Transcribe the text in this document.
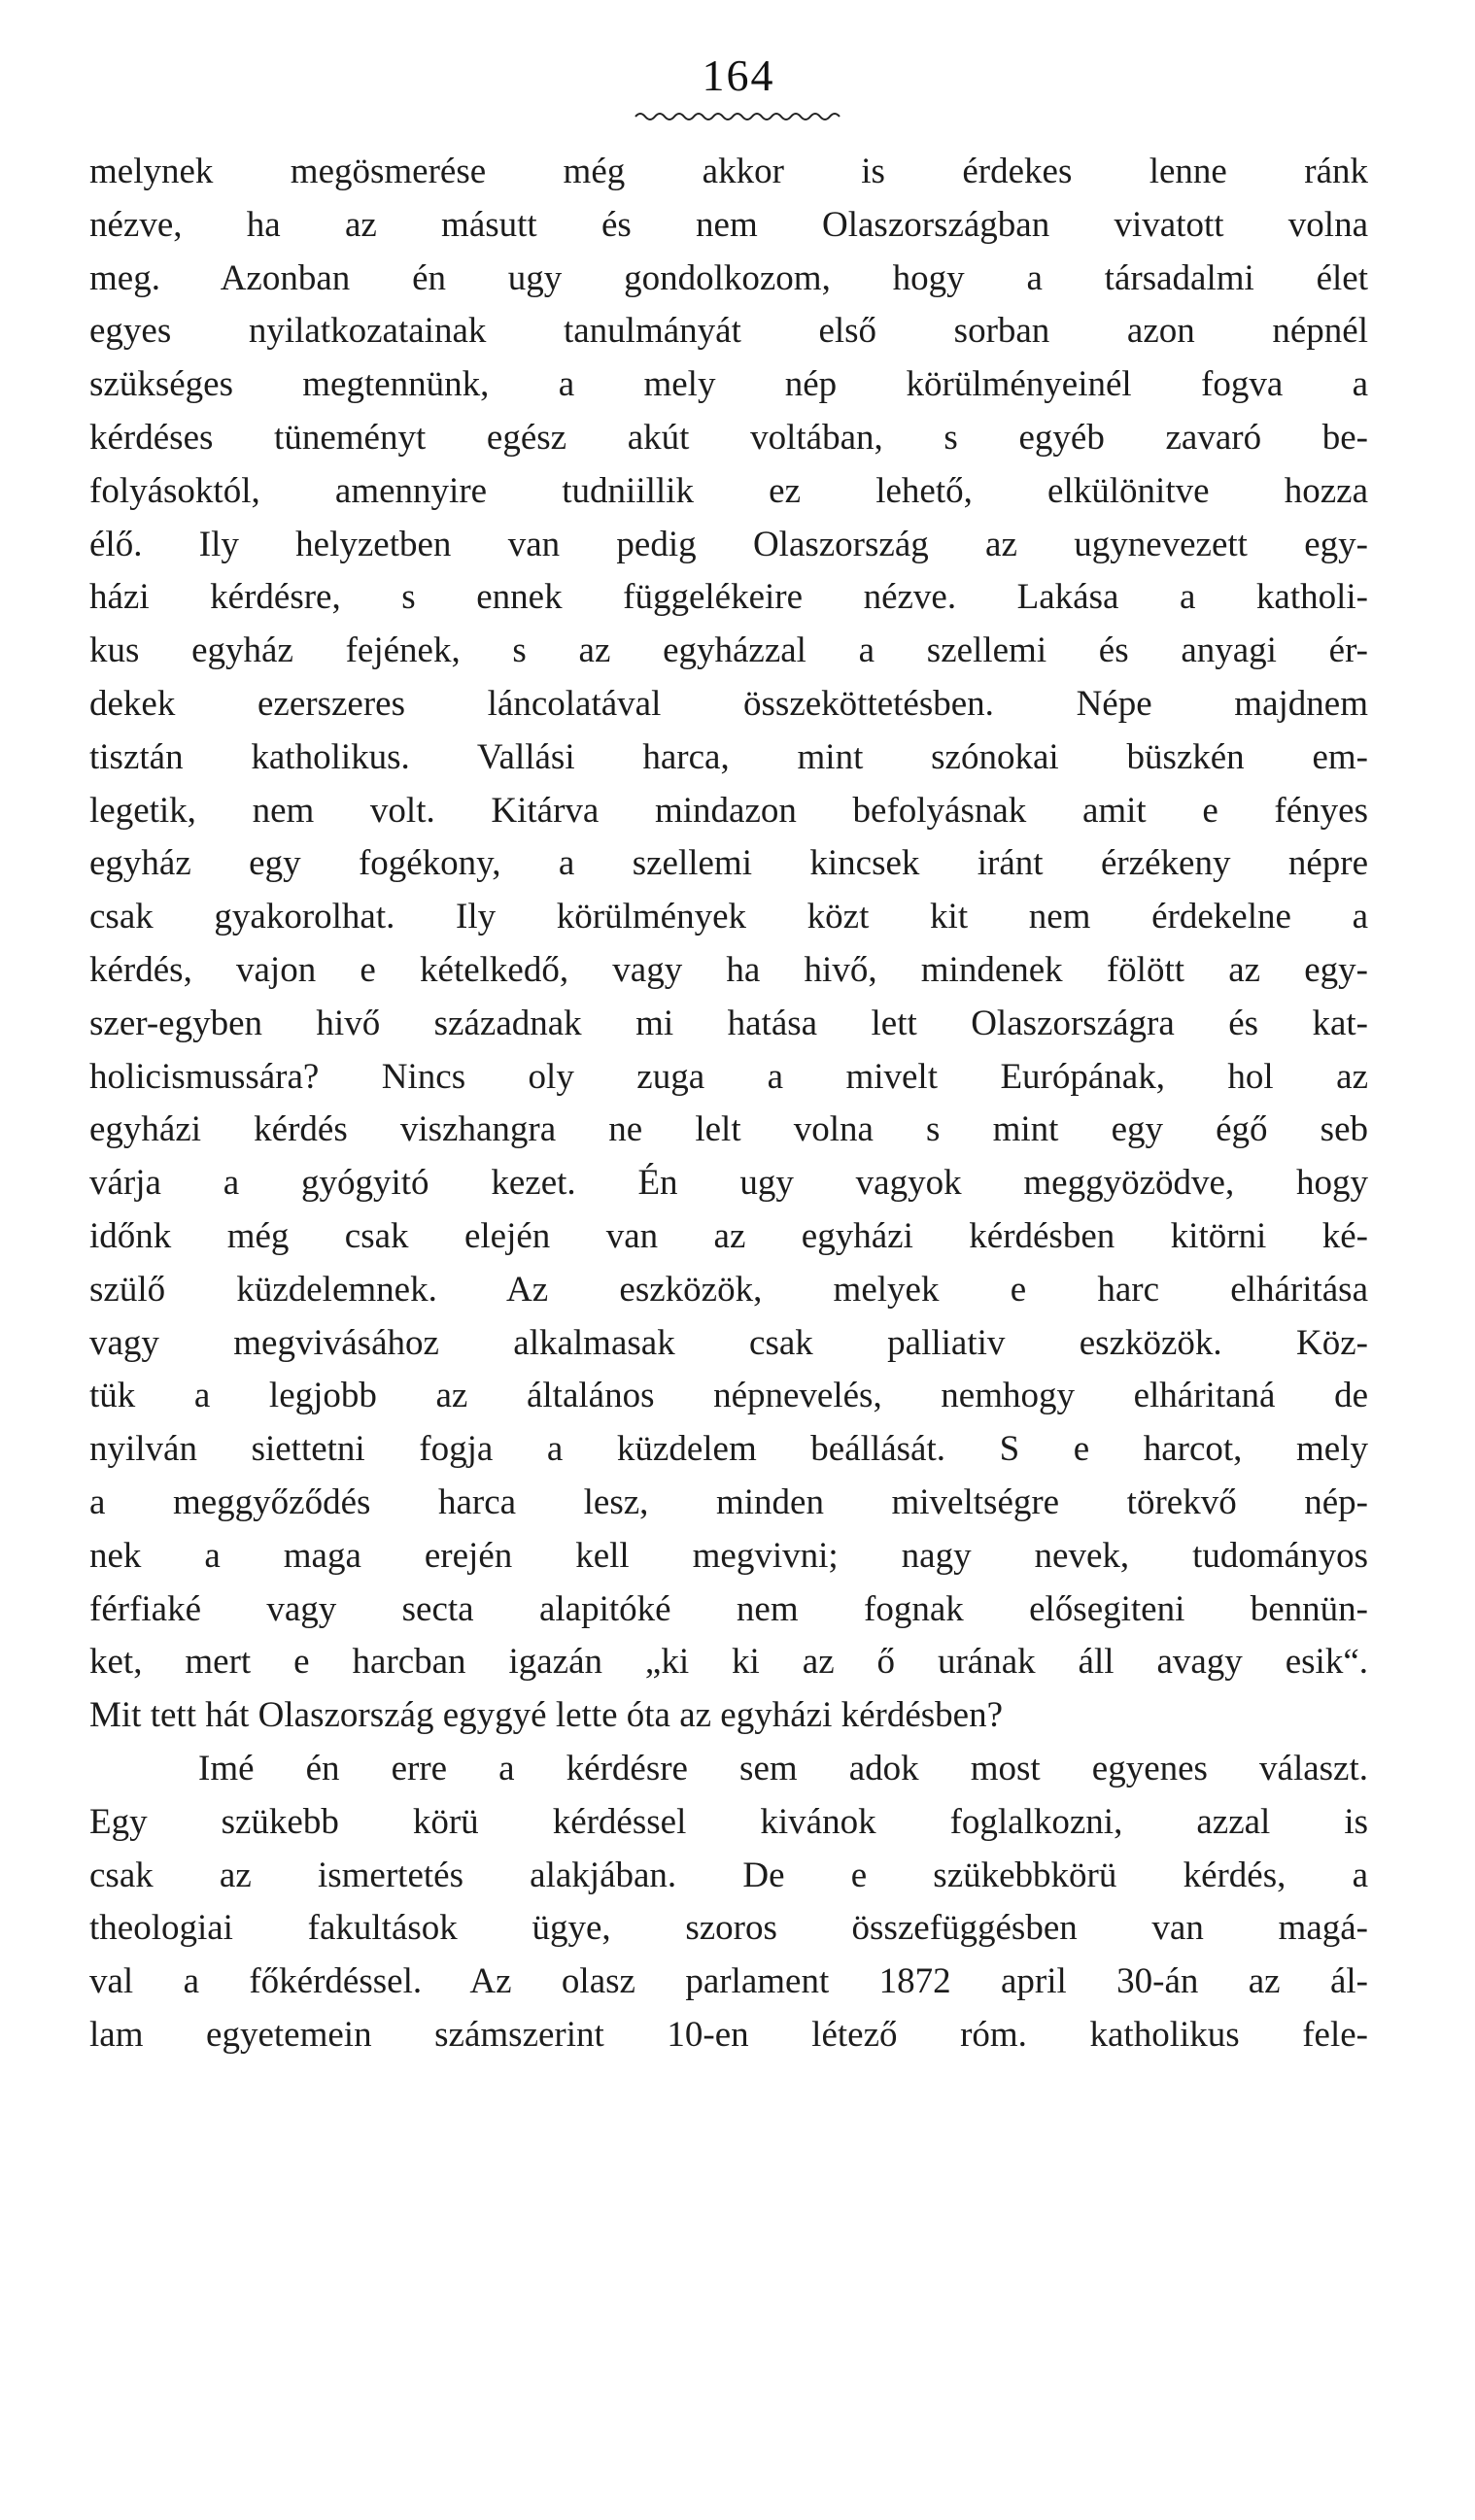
164
melynek megösmerése még akkor is érdekes lenne ránk
nézve, ha az másutt és nem Olaszországban vivatott volna
meg. Azonban én ugy gondolkozom, hogy a társadalmi élet
egyes nyilatkozatainak tanulmányát első sorban azon népnél
szükséges megtennünk, a mely nép körülményeinél fogva a
kérdéses tüneményt egész akút voltában, s egyéb zavaró be-
folyásoktól, amennyire tudniillik ez lehető, elkülönitve hozza
élő. Ily helyzetben van pedig Olaszország az ugynevezett egy-
házi kérdésre, s ennek függelékeire nézve. Lakása a katholi-
kus egyház fejének, s az egyházzal a szellemi és anyagi ér-
dekek ezerszeres láncolatával összeköttetésben. Népe majdnem
tisztán katholikus. Vallási harca, mint szónokai büszkén em-
legetik, nem volt. Kitárva mindazon befolyásnak amit e fényes
egyház egy fogékony, a szellemi kincsek iránt érzékeny népre
csak gyakorolhat. Ily körülmények közt kit nem érdekelne a
kérdés, vajon e kételkedő, vagy ha hivő, mindenek fölött az egy-
szer-egyben hivő századnak mi hatása lett Olaszországra és kat-
holicismussára? Nincs oly zuga a mivelt Európának, hol az
egyházi kérdés viszhangra ne lelt volna s mint egy égő seb
várja a gyógyitó kezet. Én ugy vagyok meggyözödve, hogy
időnk még csak elején van az egyházi kérdésben kitörni ké-
szülő küzdelemnek. Az eszközök, melyek e harc elháritása
vagy megvivásához alkalmasak csak palliativ eszközök. Köz-
tük a legjobb az általános népnevelés, nemhogy elháritaná de
nyilván siettetni fogja a küzdelem beállását. S e harcot, mely
a meggyőződés harca lesz, minden miveltségre törekvő nép-
nek a maga erején kell megvivni; nagy nevek, tudományos
férfiaké vagy secta alapitóké nem fognak elősegiteni bennün-
ket, mert e harcban igazán „ki ki az ő urának áll avagy esik“.
Mit tett hát Olaszország egygyé lette óta az egyházi kérdésben?
Imé én erre a kérdésre sem adok most egyenes választ.
Egy szükebb körü kérdéssel kivánok foglalkozni, azzal is
csak az ismertetés alakjában. De e szükebbkörü kérdés, a
theologiai fakultások ügye, szoros összefüggésben van magá-
val a főkérdéssel. Az olasz parlament 1872 april 30-án az ál-
lam egyetemein számszerint 10-en létező róm. katholikus fele-
